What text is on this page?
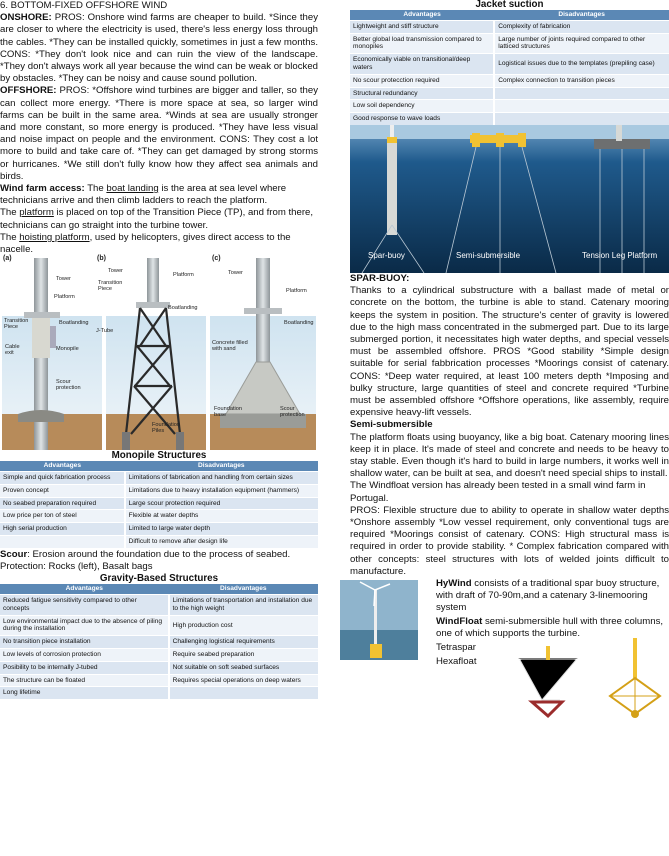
6. BOTTOM-FIXED OFFSHORE WIND

ONSHORE: PROS: Onshore wind farms are cheaper to build. *Since they are closer to where the electricity is used, there's less energy loss through the cables. *They can be installed quickly, sometimes in just a few months. CONS: *They don't look nice and can ruin the view of the landscape. *They don't always work all year because the wind can be weak or blocked by obstacles. *They can be noisy and cause sound pollution.

OFFSHORE: PROS: *Offshore wind turbines are bigger and taller, so they can collect more energy. *There is more space at sea, so larger wind farms can be built in the same area. *Winds at sea are usually stronger and more constant, so more energy is produced. *They have less visual and noise impact on people and the environment. CONS: They cost a lot more to build and take care of. *They can get damaged by strong storms or hurricanes. *We still don't fully know how they affect sea animals and birds.

Wind farm access: The boat landing is the area at sea level where technicians arrive and then climb ladders to reach the platform.

The platform is placed on top of the Transition Piece (TP), and from there, technicians can go straight into the turbine tower.

The hoisting platform, used by helicopters, gives direct access to the nacelle.

(a)	(b)	(c)
Tower
Platform
Transition Piece
Boatlanding
Cable exit
Monopile
Scour protection
Tower
Transition Piece
Platform
Boatlanding
J-Tube
Foundation Piles
Tower
Platform
Boatlanding
Concrete filled with sand
Foundation base
Scour protection

Monopile Structures

Advantages	Disadvantages
Simple and quick fabrication process	Limitations of fabrication and handling from certain sizes
Proven concept	Limitations due to heavy installation equipment (hammers)
No seabed preparation required	Large scour protection required
Low price per ton of steel	Flexible at water depths
High serial production	Limited to large water depth
	Difficult to remove after design life

Scour: Erosion around the foundation due to the process of seabed.

Protection: Rocks (left), Basalt bags

Gravity-Based Structures

Advantages	Disadvantages
Reduced fatigue sensitivity compared to other concepts	Limitations of transportation and installation due to the high weight
Low environmental impact due to the absence of piling during the installation	High production cost
No transition piece installation	Challenging logistical requirements
Low levels of corrosion protection	Require seabed preparation
Posibility to be internally J-tubed	Not suitable on soft seabed surfaces
The structure can be floated	Requires special operations on deep waters
Long lifetime	

Jacket suction

Advantages	Disadvantages
Lightweight and stiff structure	Complexity of fabrication
Better global load transmission compared to monopiles	Large number of joints required compared to other latticed structures
Economically viable on transitional/deep waters	Logistical issues due to the templates (prepiling case)
No scour protecction required	Complex connection to transition pieces
Structural redundancy	
Low soil dependency	
Good response to wave loads	
Spar-buoy	Semi-submersible	Tension Leg Platform

SPAR-BUOY:

Thanks to a cylindrical substructure with a ballast made of metal or concrete on the bottom, the turbine is able to stand. Catenary mooring keeps the system in position. The structure's center of gravity is lowered due to the high mass concentrated in the submerged part. Due to its large submerged portion, it necessitates high water depths, and special vessels must be assembled offshore. PROS *Good stability *Simple design suitable for serial fabbrication processes *Moorings consist of catenary. CONS: *Deep water required, at least 100 meters depth *Imposing and bulky structure, large quantities of steel and concrete required *Turbine must be assembled offshore *Offshore operations, like assembly, require expensive heavy-lift vessels.

Semi-submersible

The platform floats using buoyancy, like a big boat. Catenary mooring lines keep it in place. It's made of steel and concrete and needs to be heavy to stay stable. Even though it's hard to build in large numbers, it works well in shallow water, can be built at sea, and doesn't need special ships to install.

The Windfloat version has already been tested in a small wind farm in Portugal.

PROS: Flexible structure due to ability to operate in shallow water depths *Onshore assembly *Low vessel requirement, only conventional tugs are required *Moorings consist of catenary. CONS: High structural mass is required in order to provide stability. * Complex fabrication compared with other concepts: steel structures with lots of welded joints difficult to manufacture.

HyWind consists of a traditional spar buoy structure, with draft of 70-90m,and a catenary 3-linemooring system

WindFloat semi-submersible hull with three columns, one of which supports the turbine.

Tetraspar

Hexafloat
